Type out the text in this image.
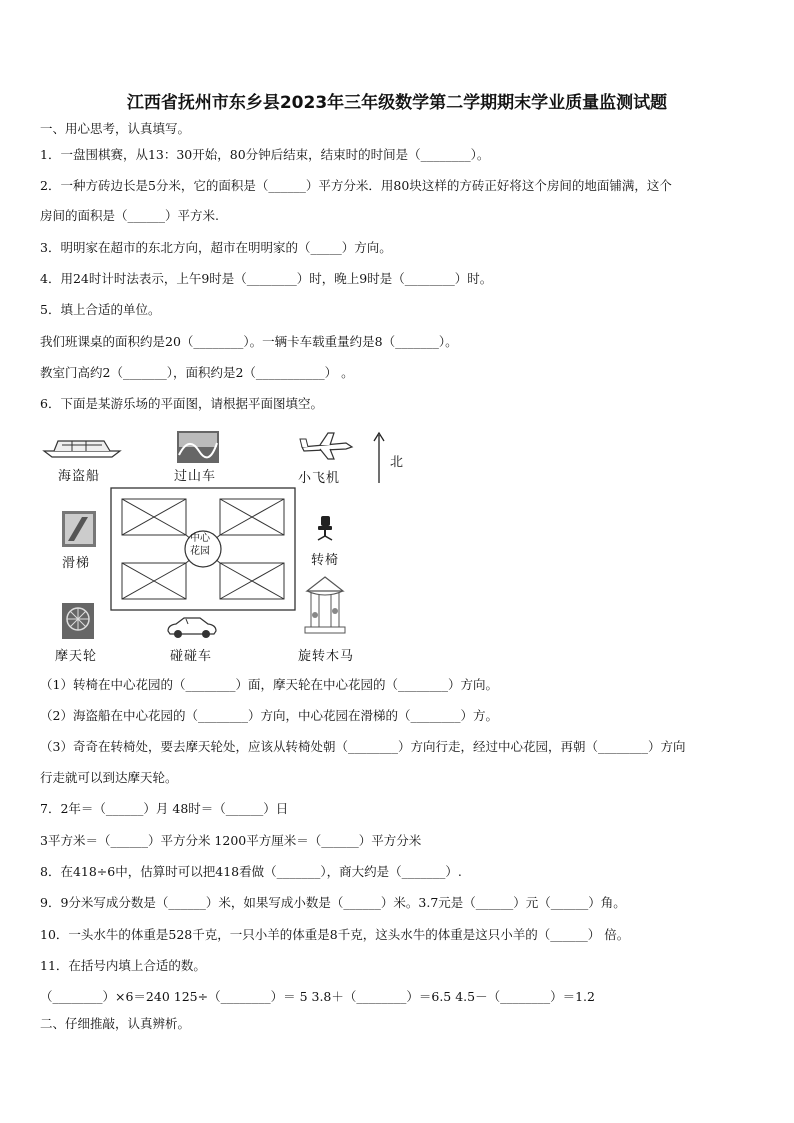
江西省抚州市东乡县2023年三年级数学第二学期期末学业质量监测试题
一、用心思考，认真填写。
1．一盘围棋赛，从13：30开始，80分钟后结束，结束时的时间是（________）。
2．一种方砖边长是5分米，它的面积是（______）平方分米．用80块这样的方砖正好将这个房间的地面铺满，这个
房间的面积是（______）平方米.
3．明明家在超市的东北方向，超市在明明家的（_____）方向。
4．用24时计时法表示，上午9时是（________）时，晚上9时是（________）时。
5．填上合适的单位。
我们班课桌的面积约是20（________）。一辆卡车载重量约是8（_______）。
教室门高约2（_______），面积约是2（___________） 。
6．下面是某游乐场的平面图，请根据平面图填空。
海盗船	过山车	小飞机
北
滑梯
中心
花园
转椅
摩天轮	碰碰车	旋转木马
（1）转椅在中心花园的（________）面，摩天轮在中心花园的（________）方向。
（2）海盗船在中心花园的（________）方向，中心花园在滑梯的（________）方。
（3）奇奇在转椅处，要去摩天轮处，应该从转椅处朝（________）方向行走，经过中心花园，再朝（________）方向
行走就可以到达摩天轮。
7．2年＝（______）月 48时＝（______）日
3平方米＝（______）平方分米 1200平方厘米＝（______）平方分米
8．在418÷6中，估算时可以把418看做（_______），商大约是（_______）.
9．9分米写成分数是（______）米，如果写成小数是（______）米。3.7元是（______）元（______）角。
10．一头水牛的体重是528千克，一只小羊的体重是8千克，这头水牛的体重是这只小羊的（______） 倍。
11．在括号内填上合适的数。
（________）×6＝240 125÷（________）＝ 5 3.8＋（________）＝6.5 4.5－（________）＝1.2
二、仔细推敲，认真辨析。
